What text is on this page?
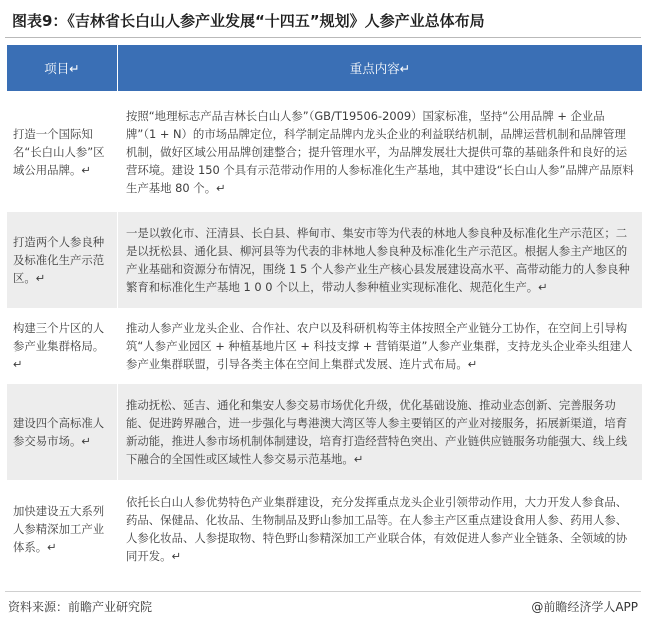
图表9：《吉林省长白山人参产业发展“十四五”规划》人参产业总体布局
项目↵	重点内容↵
打造一个国际知名“长白山人参”区域公用品牌。↵	按照“地理标志产品吉林长白山人参”（GB/T19506-2009）国家标准，坚持“公用品牌 + 企业品牌”（1 + N）的市场品牌定位，科学制定品牌内龙头企业的利益联结机制，品牌运营机制和品牌管理机制，做好区域公用品牌创建整合；提升管理水平，为品牌发展壮大提供可靠的基础条件和良好的运营环境。建设 150 个具有示范带动作用的人参标准化生产基地，其中建设“长白山人参”品牌产品原料生产基地 80 个。↵
打造两个人参良种及标准化生产示范区。↵	一是以敦化市、汪清县、长白县、桦甸市、集安市等为代表的林地人参良种及标准化生产示范区；二是以抚松县、通化县、柳河县等为代表的非林地人参良种及标准化生产示范区。根据人参主产地区的产业基础和资源分布情况，围绕 1 5 个人参产业生产核心县发展建设高水平、高带动能力的人参良种繁育和标准化生产基地 1 0 0 个以上，带动人参种植业实现标准化、规范化生产。↵
构建三个片区的人参产业集群格局。↵	推动人参产业龙头企业、合作社、农户以及科研机构等主体按照全产业链分工协作，在空间上引导构筑“人参产业园区 + 种植基地片区 + 科技支撑 + 营销渠道”人参产业集群，支持龙头企业牵头组建人参产业集群联盟，引导各类主体在空间上集群式发展、连片式布局。↵
建设四个高标准人参交易市场。↵	推动抚松、延吉、通化和集安人参交易市场优化升级，优化基础设施、推动业态创新、完善服务功能、促进跨界融合，进一步强化与粤港澳大湾区等人参主要销区的产业对接服务，拓展新渠道，培育新动能，推进人参市场机制体制建设，培育打造经营特色突出、产业链供应链服务功能强大、线上线下融合的全国性或区域性人参交易示范基地。↵
加快建设五大系列人参精深加工产业体系。↵	依托长白山人参优势特色产业集群建设，充分发挥重点龙头企业引领带动作用，大力开发人参食品、药品、保健品、化妆品、生物制品及野山参加工品等。在人参主产区重点建设食用人参、药用人参、人参化妆品、人参提取物、特色野山参精深加工产业联合体，有效促进人参产业全链条、全领域的协同开发。↵
资料来源：前瞻产业研究院	@前瞻经济学人APP
